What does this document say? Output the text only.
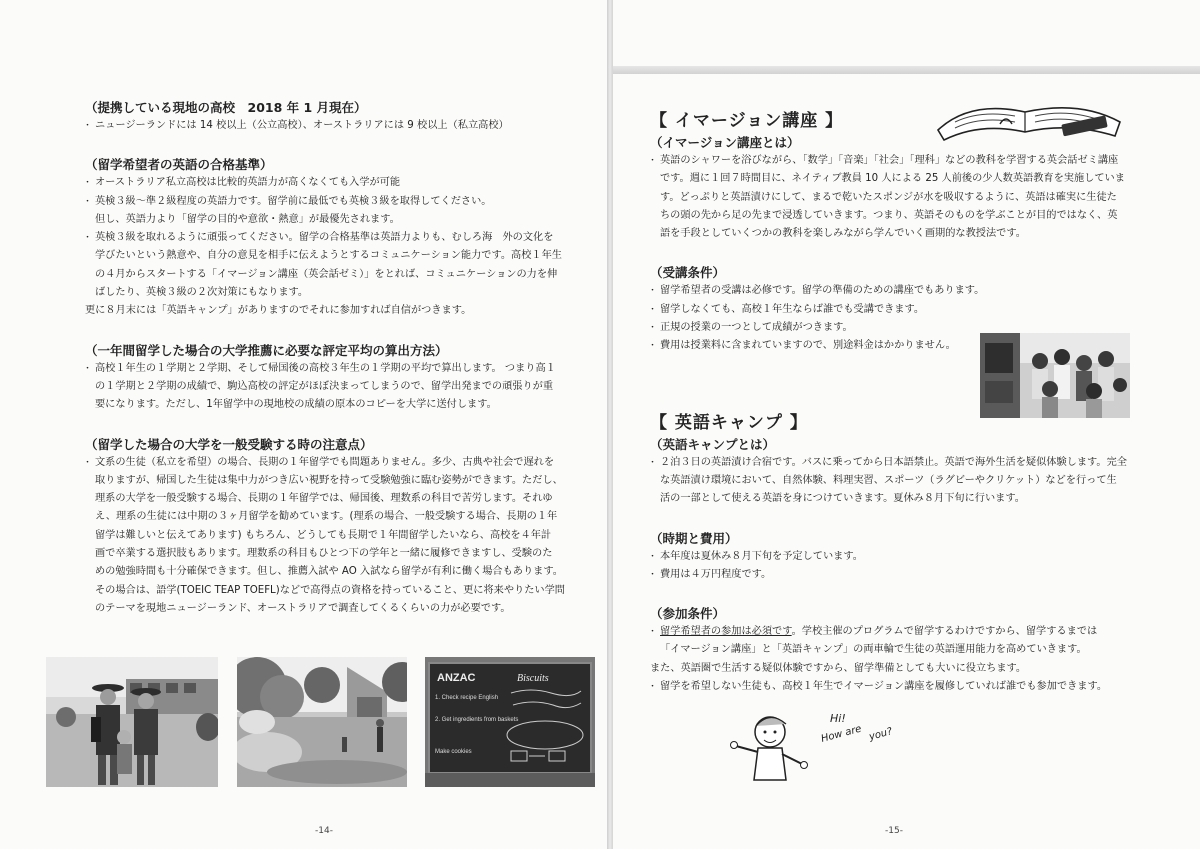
（提携している現地の高校　2018 年 1 月現在）
・ ニュージーランドには 14 校以上（公立高校）、オーストラリアには 9 校以上（私立高校）
（留学希望者の英語の合格基準）
・ オーストラリア私立高校は比較的英語力が高くなくても入学が可能
・ 英検３級～準２級程度の英語力です。留学前に最低でも英検３級を取得してください。
但し、英語力より「留学の目的や意欲・熱意」が最優先されます。
・ 英検３級を取れるように頑張ってください。留学の合格基準は英語力よりも、むしろ海　外の文化を
学びたいという熱意や、自分の意見を相手に伝えようとするコミュニケーション能力です。高校１年生
の４月からスタートする「イマージョン講座（英会話ゼミ）」をとれば、コミュニケーションの力を伸
ばしたり、英検３級の２次対策にもなります。
更に８月末には「英語キャンプ」がありますのでそれに参加すれば自信がつきます。
（一年間留学した場合の大学推薦に必要な評定平均の算出方法）
・ 高校１年生の１学期と２学期、そして帰国後の高校３年生の１学期の平均で算出します。 つまり高１
の１学期と２学期の成績で、駒込高校の評定がほぼ決まってしまうので、留学出発までの頑張りが重
要になります。ただし、1年留学中の現地校の成績の原本のコピーを大学に送付します。
（留学した場合の大学を一般受験する時の注意点）
・ 文系の生徒（私立を希望）の場合、長期の１年留学でも問題ありません。多少、古典や社会で遅れを
取りますが、帰国した生徒は集中力がつき広い視野を持って受験勉強に臨む姿勢ができます。ただし、
理系の大学を一般受験する場合、長期の１年留学では、帰国後、理数系の科目で苦労します。それゆ
え、理系の生徒には中期の３ヶ月留学を勧めています。(理系の場合、一般受験する場合、長期の１年
留学は難しいと伝えてあります) もちろん、どうしても長期で１年間留学したいなら、高校を４年計
画で卒業する選択肢もあります。理数系の科目もひとつ下の学年と一緒に履修できますし、受験のた
めの勉強時間も十分確保できます。但し、推薦入試や AO 入試なら留学が有利に働く場合もあります。
その場合は、語学(TOEIC TEAP TOEFL)などで高得点の資格を持っていること、更に将来やりたい学問
のテーマを現地ニュージーランド、オーストラリアで調査してくるくらいの力が必要です。
ANZAC	Biscuits
1. Check recipe English
2. Get ingredients from baskets
Make cookies
-14-
【 イマージョン講座 】
（イマージョン講座とは）
・ 英語のシャワーを浴びながら、「数学」「音楽」「社会」「理科」などの教科を学習する英会話ゼミ講座
です。週に１回７時間目に、ネイティブ教員 10 人による 25 人前後の少人数英語教育を実施していま
す。どっぷりと英語漬けにして、まるで乾いたスポンジが水を吸収するように、英語は確実に生徒た
ちの頭の先から足の先まで浸透していきます。つまり、英語そのものを学ぶことが目的ではなく、英
語を手段としていくつかの教科を楽しみながら学んでいく画期的な教授法です。
（受講条件）
・ 留学希望者の受講は必修です。留学の準備のための講座でもあります。
・ 留学しなくても、高校１年生ならば誰でも受講できます。
・ 正規の授業の一つとして成績がつきます。
・ 費用は授業料に含まれていますので、別途料金はかかりません。
【 英語キャンプ 】
（英語キャンプとは）
・ ２泊３日の英語漬け合宿です。バスに乗ってから日本語禁止。英語で海外生活を疑似体験します。完全
な英語漬け環境において、自然体験、料理実習、スポーツ（ラグビーやクリケット）などを行って生
活の一部として使える英語を身につけていきます。夏休み８月下旬に行います。
（時期と費用）
・ 本年度は夏休み８月下旬を予定しています。
・ 費用は４万円程度です。
（参加条件）
・ 留学希望者の参加は必須です。学校主催のプログラムで留学するわけですから、留学するまでは
「イマージョン講座」と「英語キャンプ」の両車輪で生徒の英語運用能力を高めていきます。
また、英語圏で生活する疑似体験ですから、留学準備としても大いに役立ちます。
・ 留学を希望しない生徒も、高校１年生でイマージョン講座を履修していれば誰でも参加できます。
Hi!
How are you?
-15-
